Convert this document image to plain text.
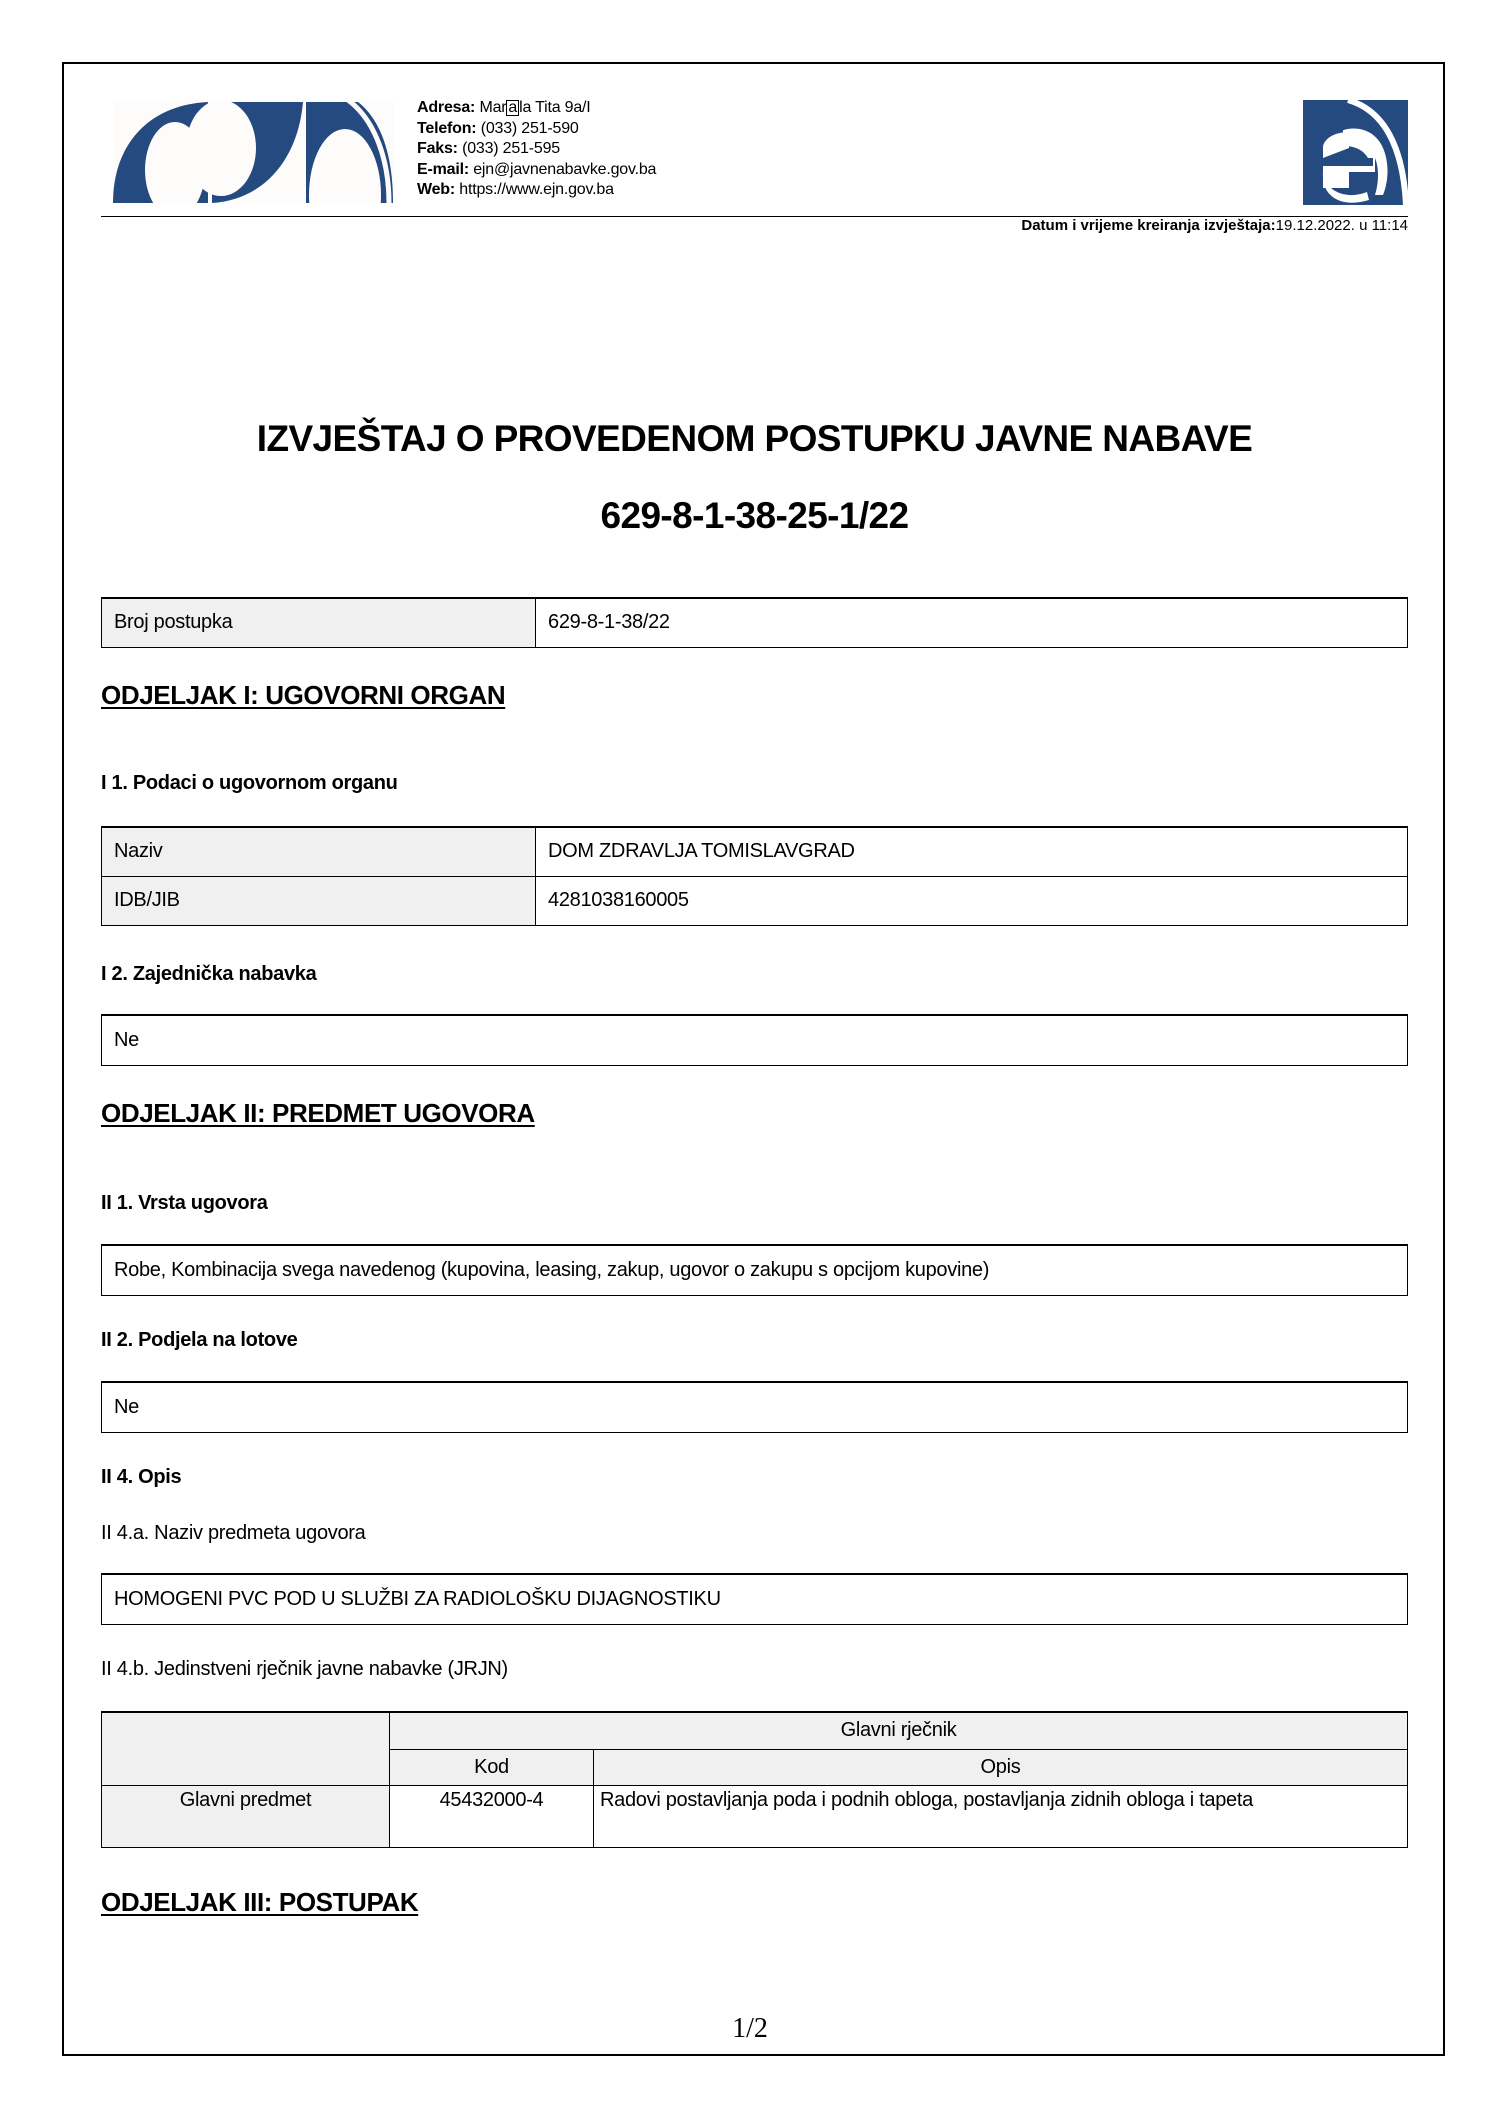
Adresa: Mar a la Tita 9a/I
Telefon: (033) 251-590
Faks: (033) 251-595
E-mail: ejn@javnenabavke.gov.ba
Web: https://www.ejn.gov.ba
Datum i vrijeme kreiranja izvještaja:19.12.2022. u 11:14
IZVJEŠTAJ O PROVEDENOM POSTUPKU JAVNE NABAVE
629-8-1-38-25-1/22
Broj postupka	629-8-1-38/22
ODJELJAK I: UGOVORNI ORGAN
I 1. Podaci o ugovornom organu
Naziv	DOM ZDRAVLJA TOMISLAVGRAD
IDB/JIB	4281038160005
I 2. Zajednička nabavka
Ne
ODJELJAK II: PREDMET UGOVORA
II 1. Vrsta ugovora
Robe, Kombinacija svega navedenog (kupovina, leasing, zakup, ugovor o zakupu s opcijom kupovine)
II 2. Podjela na lotove
Ne
II 4. Opis
II 4.a. Naziv predmeta ugovora
HOMOGENI PVC POD U SLUŽBI ZA RADIOLOŠKU DIJAGNOSTIKU
II 4.b. Jedinstveni rječnik javne nabavke (JRJN)
	Glavni rječnik	
	Kod	Opis
Glavni predmet	45432000-4	Radovi postavljanja poda i podnih obloga, postavljanja zidnih obloga i tapeta
ODJELJAK III: POSTUPAK
1/2
